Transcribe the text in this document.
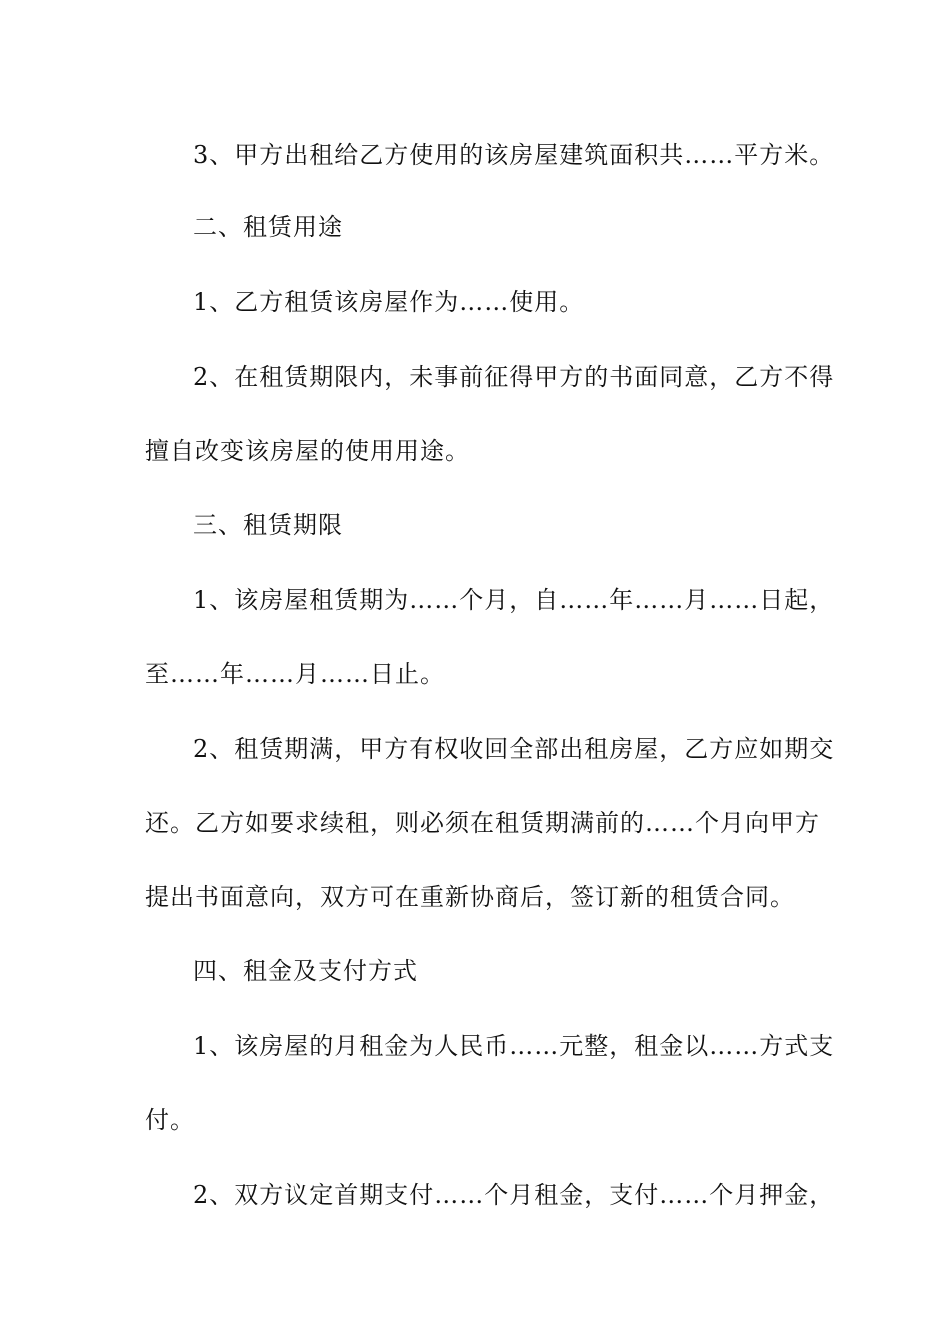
3、甲方出租给乙方使用的该房屋建筑面积共……平方米。
二、租赁用途
1、乙方租赁该房屋作为……使用。
2、在租赁期限内，未事前征得甲方的书面同意，乙方不得
擅自改变该房屋的使用用途。
三、租赁期限
1、该房屋租赁期为……个月，自……年……月……日起，
至……年……月……日止。
2、租赁期满，甲方有权收回全部出租房屋，乙方应如期交
还。乙方如要求续租，则必须在租赁期满前的……个月向甲方
提出书面意向，双方可在重新协商后，签订新的租赁合同。
四、租金及支付方式
1、该房屋的月租金为人民币……元整，租金以……方式支
付。
2、双方议定首期支付……个月租金，支付……个月押金，
